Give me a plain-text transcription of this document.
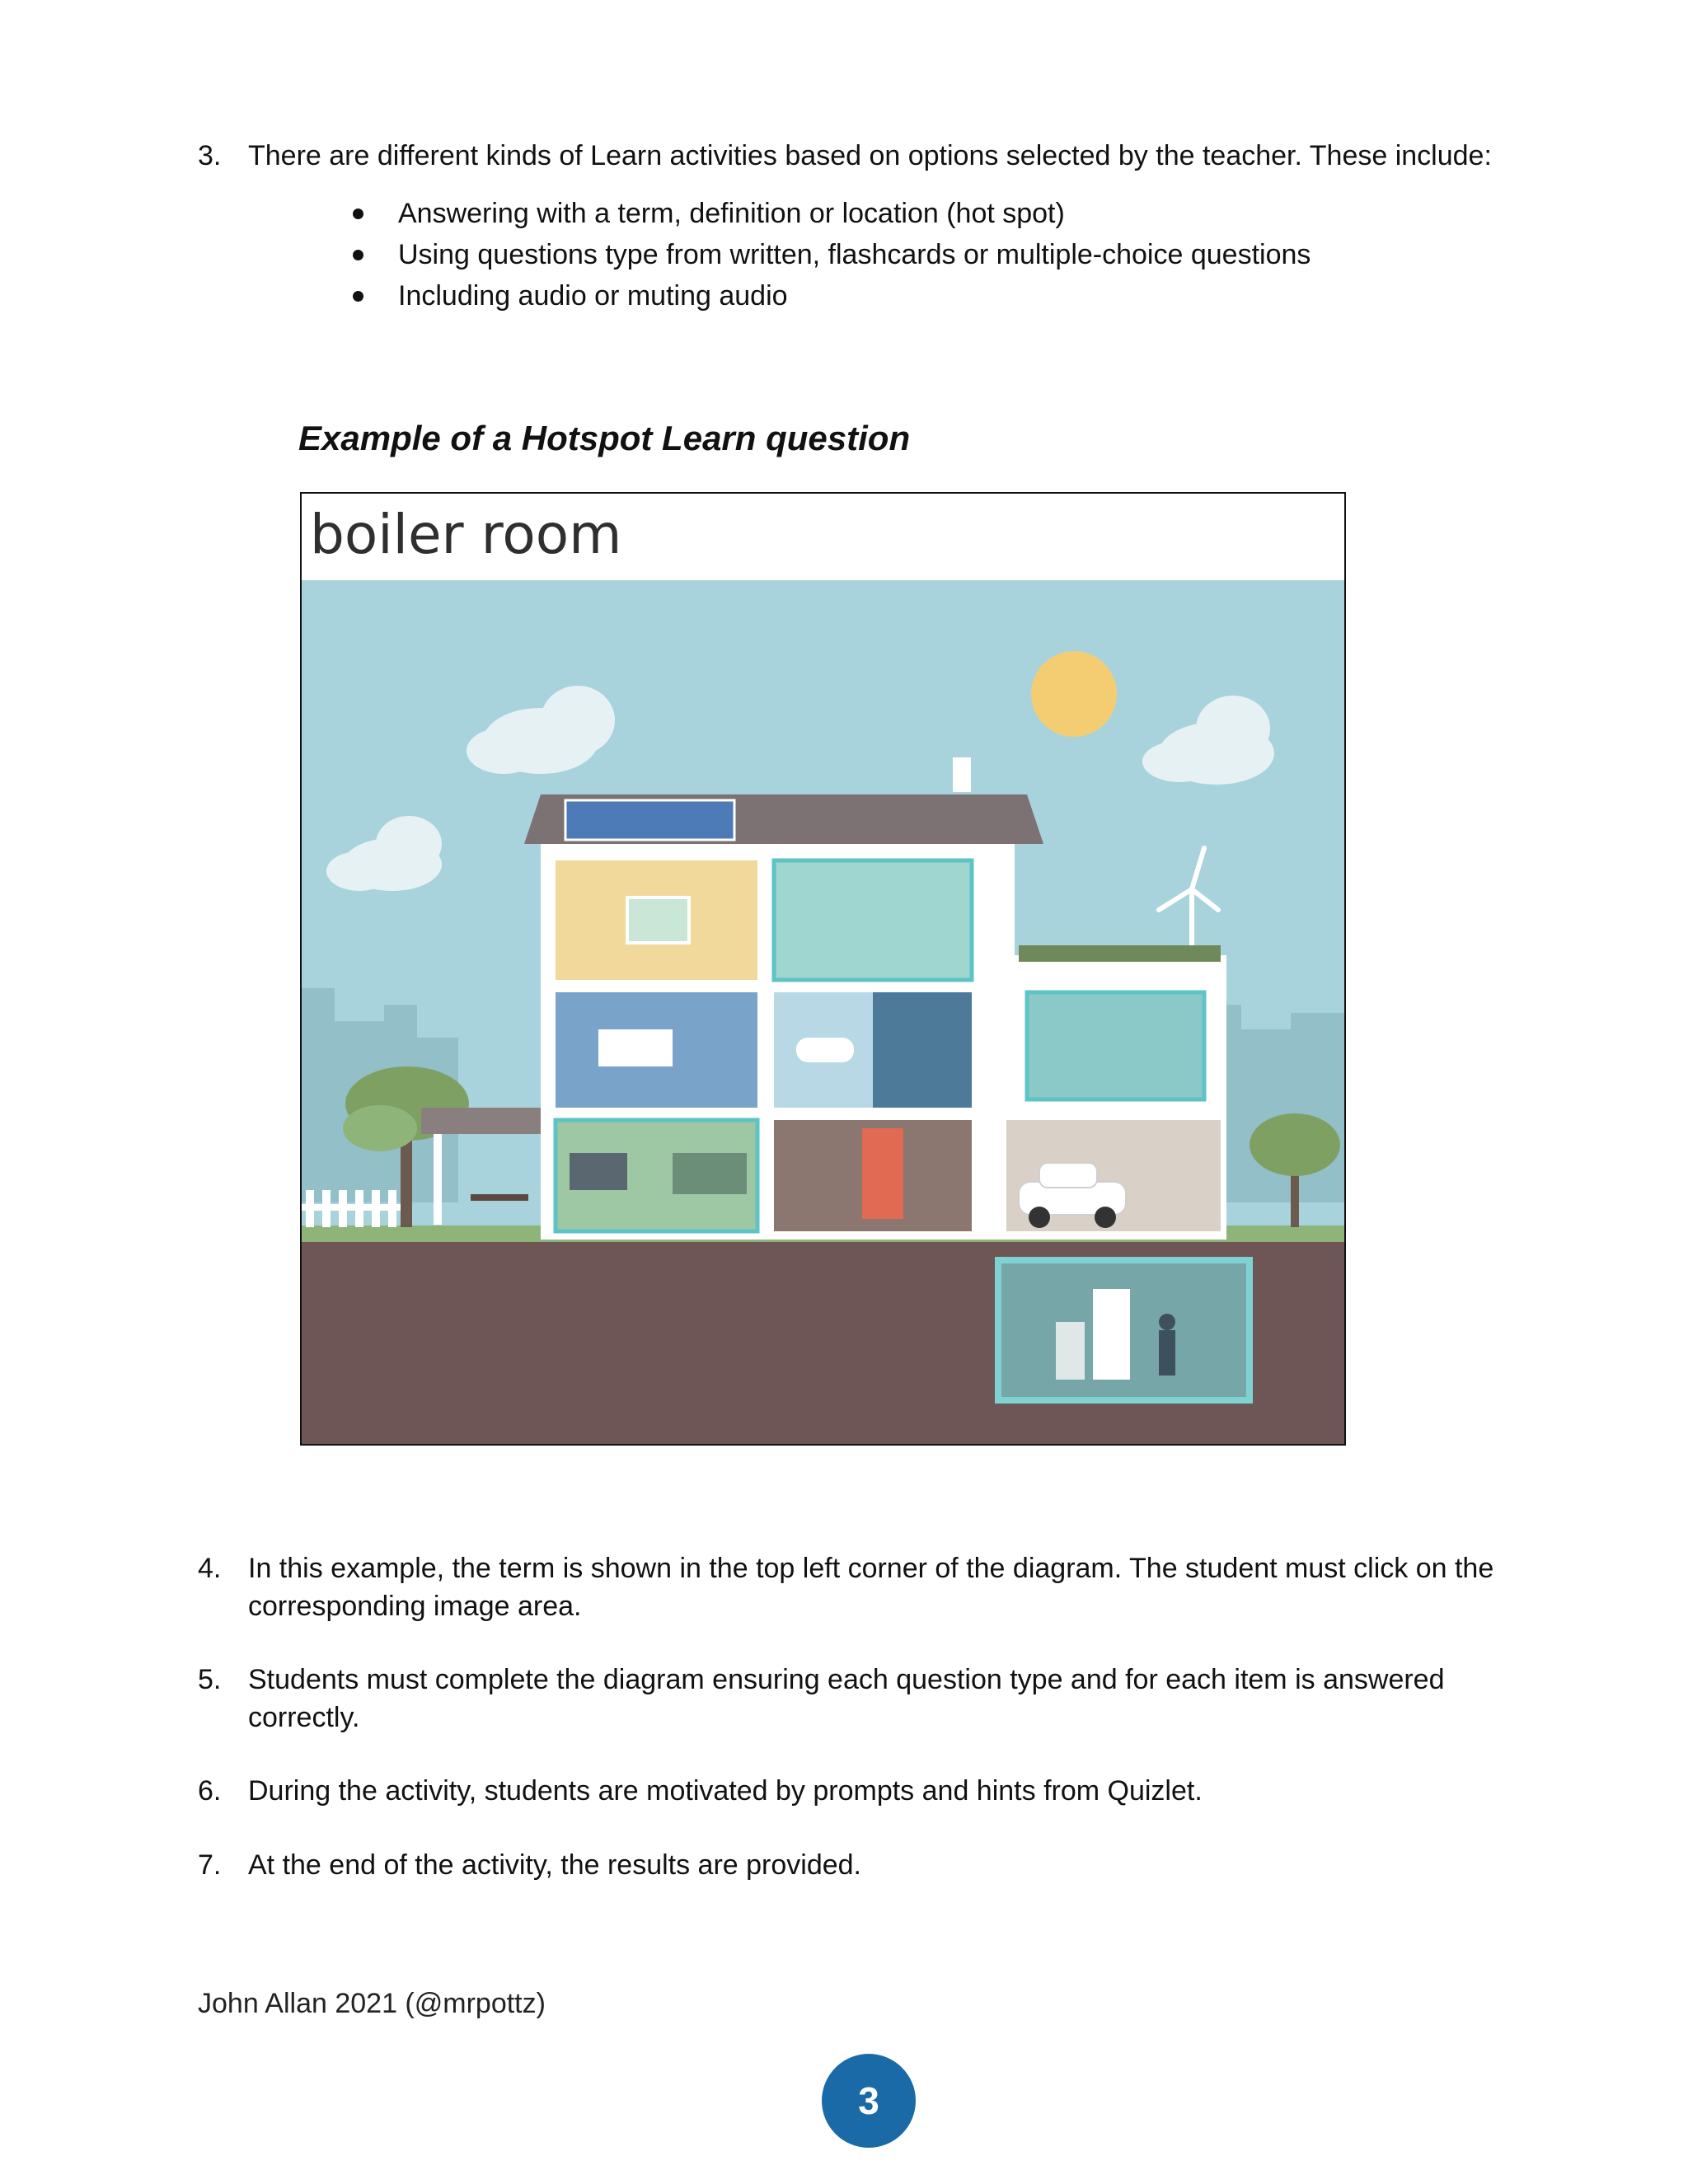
3. There are different kinds of Learn activities based on options selected by the teacher. These include:
Answering with a term, definition or location (hot spot)
Using questions type from written, flashcards or multiple-choice questions
Including audio or muting audio
Example of a Hotspot Learn question
boiler room
4. In this example, the term is shown in the top left corner of the diagram. The student must click on the corresponding image area.
5. Students must complete the diagram ensuring each question type and for each item is answered correctly.
6. During the activity, students are motivated by prompts and hints from Quizlet.
7. At the end of the activity, the results are provided.
John Allan 2021 (@mrpottz)
3
